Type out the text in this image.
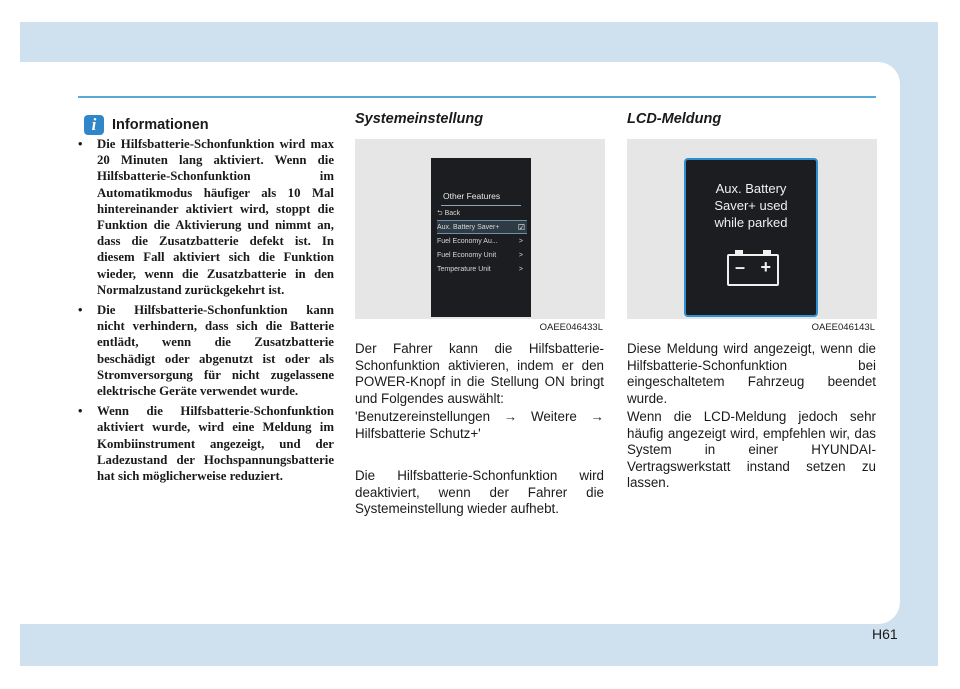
i	Informationen
• Die Hilfsbatterie-Schonfunktion wird max 20 Minuten lang aktiviert. Wenn die Hilfsbatterie-Schonfunktion im Automatikmodus häufiger als 10 Mal hintereinander aktiviert wird, stoppt die Funktion die Aktivierung und nimmt an, dass die Zusatzbatterie defekt ist. In diesem Fall aktiviert sich die Funktion wieder, wenn die Zusatzbatterie in den Normalzustand zurückgekehrt ist.
• Die Hilfsbatterie-Schonfunktion kann nicht verhindern, dass sich die Batterie entlädt, wenn die Zusatzbatterie beschädigt oder abgenutzt ist oder als Stromversorgung für nicht zugelassene elektrische Geräte verwendet wurde.
• Wenn die Hilfsbatterie-Schonfunktion aktiviert wurde, wird eine Meldung im Kombiinstrument angezeigt, und der Ladezustand der Hochspannungsbatterie hat sich möglicherweise reduziert.
Systemeinstellung
Other Features
⮌ Back
Aux. Battery Saver+ ☑
Fuel Economy Au...	>
Fuel Economy Unit	>
Temperature Unit	>
OAEE046433L
Der Fahrer kann die Hilfsbatterie-Schonfunktion aktivieren, indem er den POWER-Knopf in die Stellung ON bringt und Folgendes auswählt:
'Benutzereinstellungen → Weitere → Hilfsbatterie Schutz+'
Die Hilfsbatterie-Schonfunktion wird deaktiviert, wenn der Fahrer die Systemeinstellung wieder aufhebt.
LCD-Meldung
Aux. Battery
Saver+ used
while parked
– +
OAEE046143L
Diese Meldung wird angezeigt, wenn die Hilfsbatterie-Schonfunktion bei eingeschaltetem Fahrzeug beendet wurde.
Wenn die LCD-Meldung jedoch sehr häufig angezeigt wird, empfehlen wir, das System in einer HYUNDAI-Vertragswerkstatt instand setzen zu lassen.
H61
